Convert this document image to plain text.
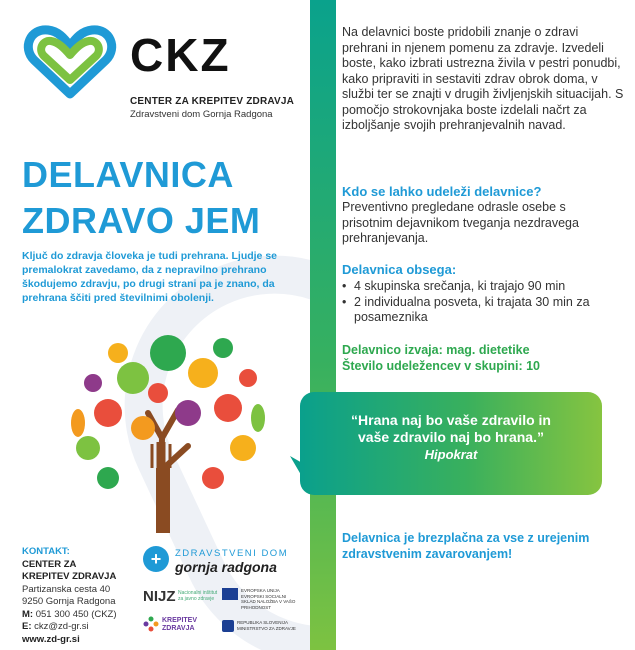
CKZ
CENTER ZA KREPITEV ZDRAVJA
Zdravstveni dom Gornja Radgona
DELAVNICA
ZDRAVO JEM
Ključ do zdravja človeka je tudi prehrana. Ljudje se premalokrat zavedamo, da z nepravilno prehrano škodujemo zdravju, po drugi strani pa je znano, da prehrana ščiti pred številnimi obolenji.
KONTAKT:
CENTER ZA
KREPITEV ZDRAVJA
Partizanska cesta 40
9250 Gornja Radgona
M: 051 300 450 (CKZ)
E: ckz@zd-gr.si
www.zd-gr.si
+	ZDRAVSTVENI DOM
gornja radgona
NIJZ Nacionalni inštitut za javno zdravje
EVROPSKA UNIJA EVROPSKI SOCIALNI SKLAD NALOŽBA V VAŠO PRIHODNOST
KREPITEV
ZDRAVJA
REPUBLIKA SLOVENIJA MINISTRSTVO ZA ZDRAVJE
Na delavnici boste pridobili znanje o zdravi prehrani in njenem pomenu za zdravje. Izvedeli boste, kako izbrati ustrezna živila v pestri ponudbi, kako pripraviti in sestaviti zdrav obrok doma, v službi ter se znajti v drugih življenjskih situacijah. S pomočjo strokovnjaka boste izdelali načrt za izboljšanje svojih prehranjevalnih navad.
Kdo se lahko udeleži delavnice?
Preventivno pregledane odrasle osebe s prisotnim dejavnikom tveganja nezdravega prehranjevanja.
Delavnica obsega:
• 4 skupinska srečanja, ki trajajo 90 min
• 2 individualna posveta, ki trajata 30 min za posameznika
Delavnico izvaja: mag. dietetike
Število udeležencev v skupini: 10
“Hrana naj bo vaše zdravilo in vaše zdravilo naj bo hrana.”
Hipokrat
Delavnica je brezplačna za vse z urejenim zdravstvenim zavarovanjem!
